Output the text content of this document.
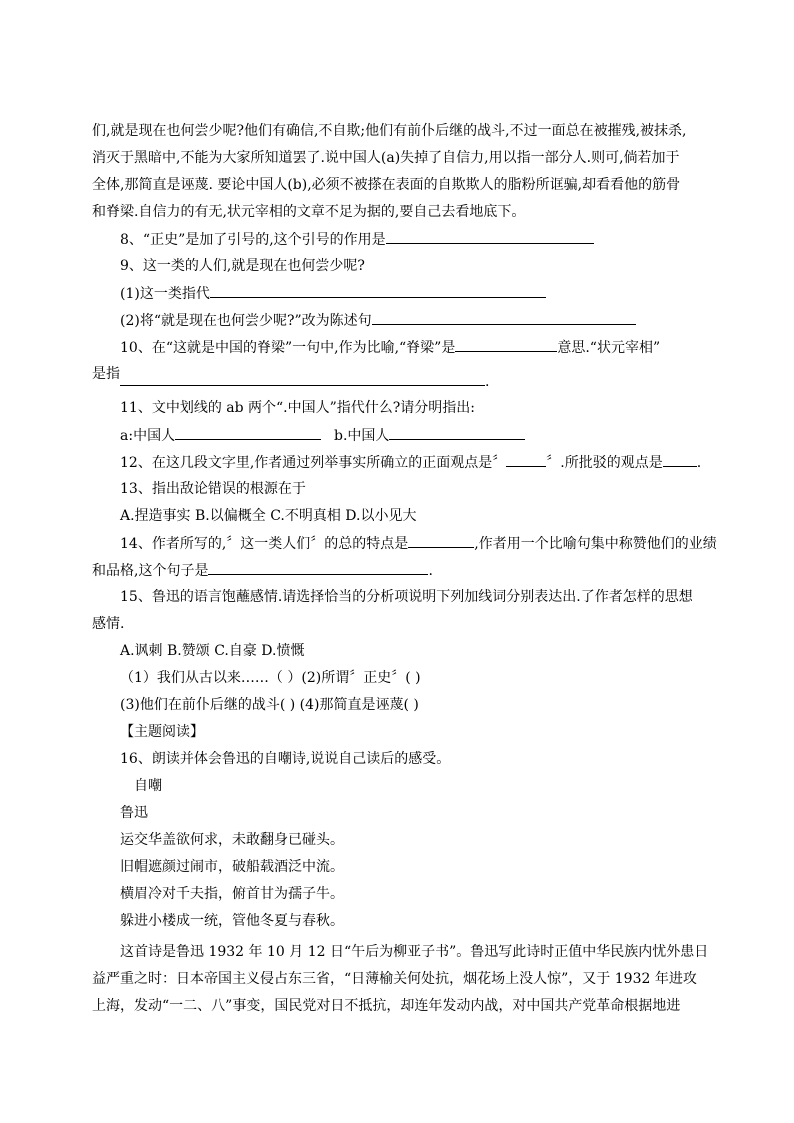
们,就是现在也何尝少呢?他们有确信,不自欺;他们有前仆后继的战斗,不过一面总在被摧残,被抹杀,
消灭于黑暗中,不能为大家所知道罢了.说中国人(a)失掉了自信力,用以指一部分人.则可,倘若加于
全体,那简直是诬蔑. 要论中国人(b),必须不被搽在表面的自欺欺人的脂粉所诓骗,却看看他的筋骨
和脊梁.自信力的有无,状元宰相的文章不足为据的,要自己去看地底下。
8、“正史”是加了引号的,这个引号的作用是
9、这一类的人们,就是现在也何尝少呢?
(1)这一类指代
(2)将“就是现在也何尝少呢?”改为陈述句
10、在“这就是中国的脊梁”一句中,作为比喻,“脊梁”是	意思.“状元宰相”
是指	.
11、文中划线的 ab 两个“.中国人”指代什么?请分明指出:
a:中国人	b.中国人
12、在这几段文字里,作者通过列举事实所确立的正面观点是〞	〞.所批驳的观点是 .
13、指出敌论错误的根源在于
A.捏造事实 B.以偏概全 C.不明真相 D.以小见大
14、作者所写的,〞这一类人们〞的总的特点是	,作者用一个比喻句集中称赞他们的业绩
和品格,这个句子是	.
15、鲁迅的语言饱蘸感情.请选择恰当的分析项说明下列加线词分别表达出.了作者怎样的思想
感情.
A.讽刺 B.赞颂 C.自豪 D.愤慨
（1）我们从古以来……（ ）(2)所谓〞正史〞( )
(3)他们在前仆后继的战斗( ) (4)那简直是诬蔑( )
【主题阅读】
16、朗读并体会鲁迅的自嘲诗,说说自己读后的感受。
自嘲
鲁迅
运交华盖欲何求，未敢翻身已碰头。
旧帽遮颜过闹市，破船载酒泛中流。
横眉冷对千夫指，俯首甘为孺子牛。
躲进小楼成一统，管他冬夏与春秋。
这首诗是鲁迅 1932 年 10 月 12 日“午后为柳亚子书”。鲁迅写此诗时正值中华民族内忧外患日
益严重之时：日本帝国主义侵占东三省，“日薄榆关何处抗，烟花场上没人惊”，又于 1932 年进攻
上海，发动“一二、八”事变，国民党对日不抵抗，却连年发动内战，对中国共产党革命根据地进
